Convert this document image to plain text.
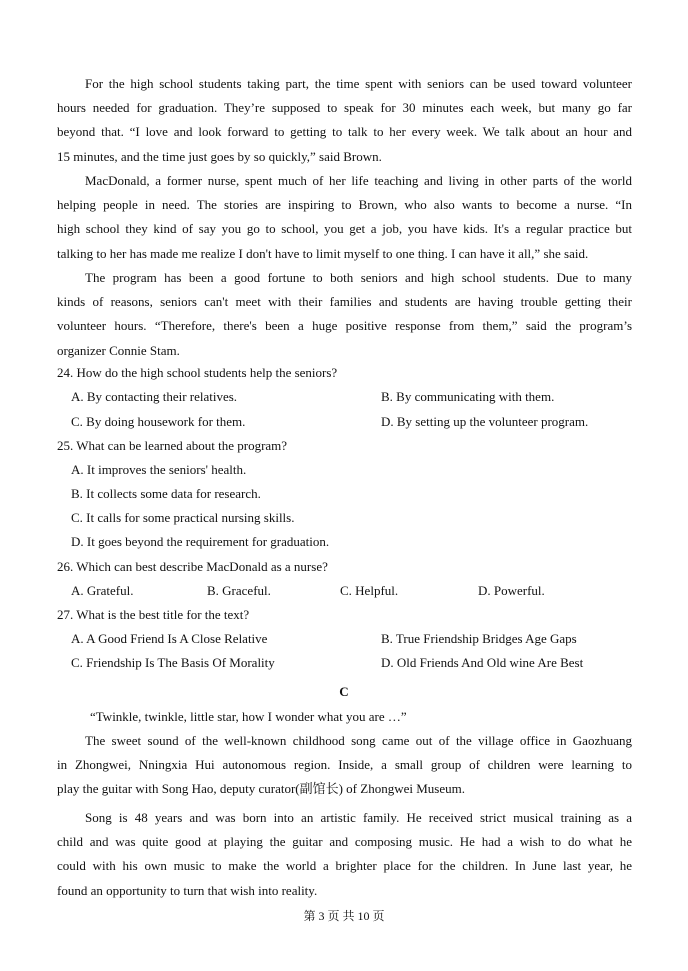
For the high school students taking part, the time spent with seniors can be used toward volunteer
hours needed for graduation. They’re supposed to speak for 30 minutes each week, but many go far
beyond that. “I love and look forward to getting to talk to her every week. We talk about an hour and
15 minutes, and the time just goes by so quickly,” said Brown.
MacDonald, a former nurse, spent much of her life teaching and living in other parts of the world
helping people in need. The stories are inspiring to Brown, who also wants to become a nurse. “In
high school they kind of say you go to school, you get a job, you have kids. It's a regular practice but
talking to her has made me realize I don't have to limit myself to one thing. I can have it all,” she said.
The program has been a good fortune to both seniors and high school students. Due to many
kinds of reasons, seniors can't meet with their families and students are having trouble getting their
volunteer hours. “Therefore, there's been a huge positive response from them,” said the program’s
organizer Connie Stam.
24. How do the high school students help the seniors?
A. By contacting their relatives.	B. By communicating with them.
C. By doing housework for them.	D. By setting up the volunteer program.
25. What can be learned about the program?
A. It improves the seniors' health.
B. It collects some data for research.
C. It calls for some practical nursing skills.
D. It goes beyond the requirement for graduation.
26. Which can best describe MacDonald as a nurse?
A. Grateful.	B. Graceful.	C. Helpful.	D. Powerful.
27. What is the best title for the text?
A. A Good Friend Is A Close Relative	B. True Friendship Bridges Age Gaps
C. Friendship Is The Basis Of Morality	D. Old Friends And Old wine Are Best
C
“Twinkle, twinkle, little star, how I wonder what you are …”
The sweet sound of the well-known childhood song came out of the village office in Gaozhuang
in Zhongwei, Nningxia Hui autonomous region. Inside, a small group of children were learning to
play the guitar with Song Hao, deputy curator(副馆长) of Zhongwei Museum.
Song is 48 years and was born into an artistic family. He received strict musical training as a
child and was quite good at playing the guitar and composing music. He had a wish to do what he
could with his own music to make the world a brighter place for the children. In June last year, he
found an opportunity to turn that wish into reality.
第 3 页 共 10 页
